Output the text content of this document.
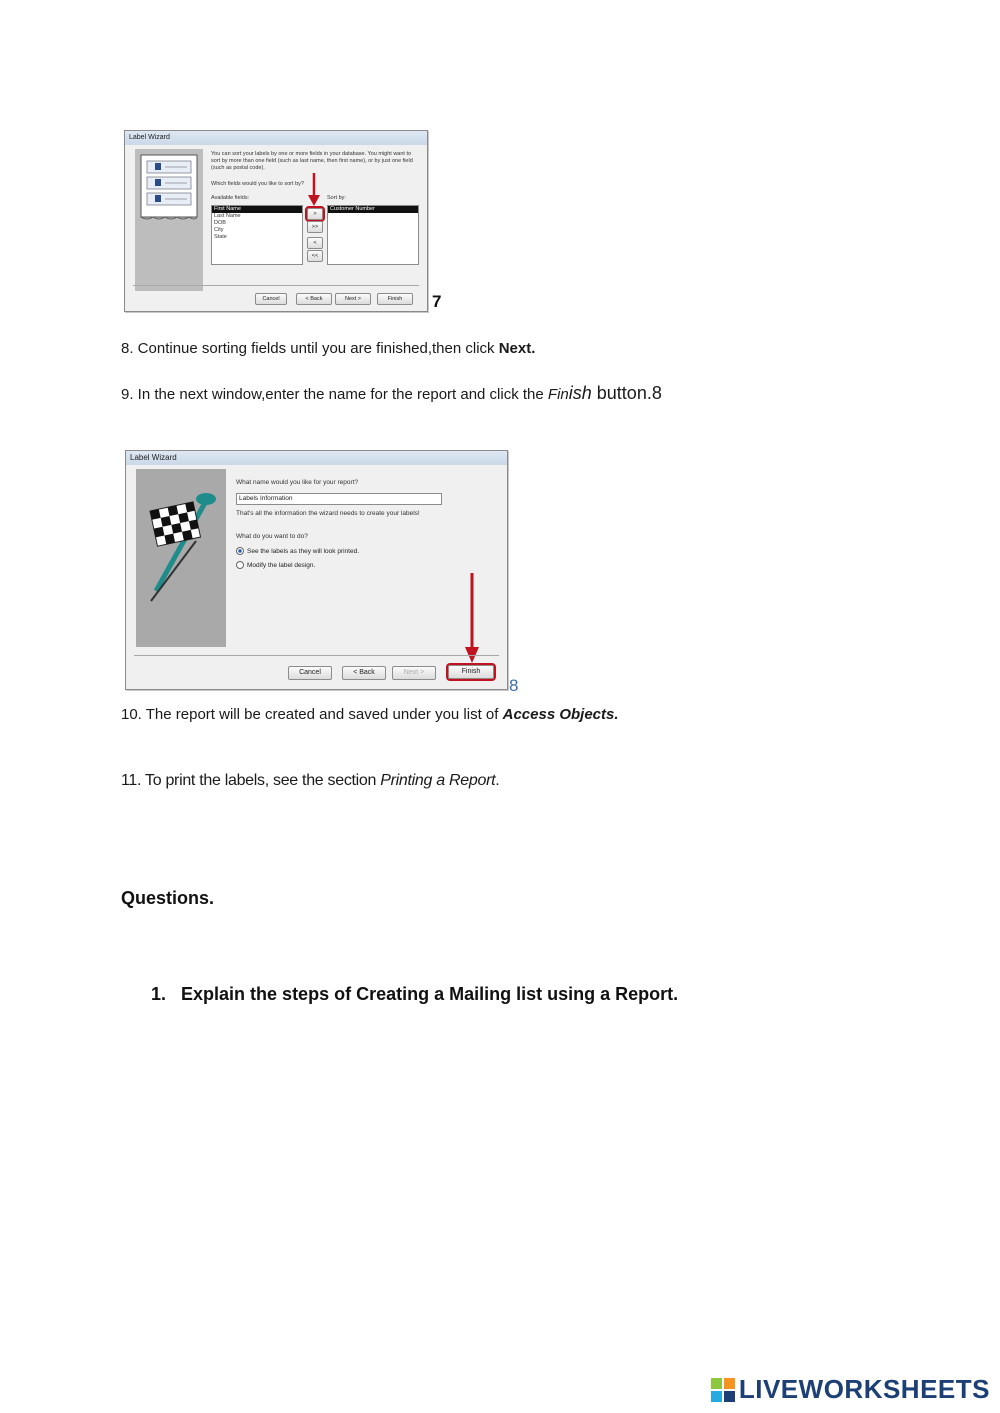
Label Wizard
You can sort your labels by one or more fields in your database. You might want to sort by more than one field (such as last name, then first name), or by just one field (such as postal code).
Which fields would you like to sort by?
Available fields:	Sort by:
First Name
Last Name
DOB
City
State
>
>>
<
<<
Customer Number
Cancel	< Back	Next >	Finish	7
8. Continue sorting fields until you are finished,then click Next.
9. In the next window,enter the name for the report and click the Finish button.8
Label Wizard
What name would you like for your report?
Labels Information
That's all the information the wizard needs to create your labels!
What do you want to do?
See the labels as they will look printed.
Modify the label design.
Cancel	< Back	Next >	Finish
8
10. The report will be created and saved under you list of Access Objects.
11. To print the labels, see the section Printing a Report.
Questions.
1. Explain the steps of Creating a Mailing list using a Report.
LIVEWORKSHEETS
